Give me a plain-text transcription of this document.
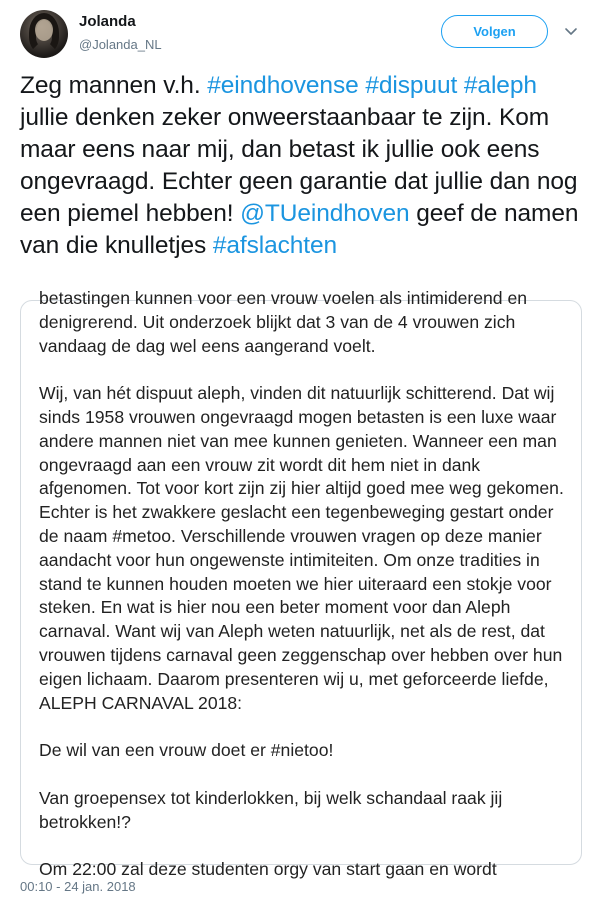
Jolanda
@Jolanda_NL
Volgen
Zeg mannen v.h. #eindhovense #dispuut #aleph jullie denken zeker onweerstaanbaar te zijn. Kom maar eens naar mij, dan betast ik jullie ook eens ongevraagd. Echter geen garantie dat jullie dan nog een piemel hebben! @TUeindhoven geef de namen van die knulletjes #afslachten

betastingen kunnen voor een vrouw voelen als intimiderend en denigrerend. Uit onderzoek blijkt dat 3 van de 4 vrouwen zich vandaag de dag wel eens aangerand voelt.

Wij, van hét dispuut aleph, vinden dit natuurlijk schitterend. Dat wij sinds 1958 vrouwen ongevraagd mogen betasten is een luxe waar andere mannen niet van mee kunnen genieten. Wanneer een man ongevraagd aan een vrouw zit wordt dit hem niet in dank afgenomen. Tot voor kort zijn zij hier altijd goed mee weg gekomen. Echter is het zwakkere geslacht een tegenbeweging gestart onder de naam #metoo. Verschillende vrouwen vragen op deze manier aandacht voor hun ongewenste intimiteiten. Om onze tradities in stand te kunnen houden moeten we hier uiteraard een stokje voor steken. En wat is hier nou een beter moment voor dan Aleph carnaval. Want wij van Aleph weten natuurlijk, net als de rest, dat vrouwen tijdens carnaval geen zeggenschap over hebben over hun eigen lichaam. Daarom presenteren wij u, met geforceerde liefde, ALEPH CARNAVAL 2018:

De wil van een vrouw doet er #nietoo!

Van groepensex tot kinderlokken, bij welk schandaal raak jij betrokken!?

Om 22:00 zal deze studenten orgy van start gaan en wordt

00:10 - 24 jan. 2018
